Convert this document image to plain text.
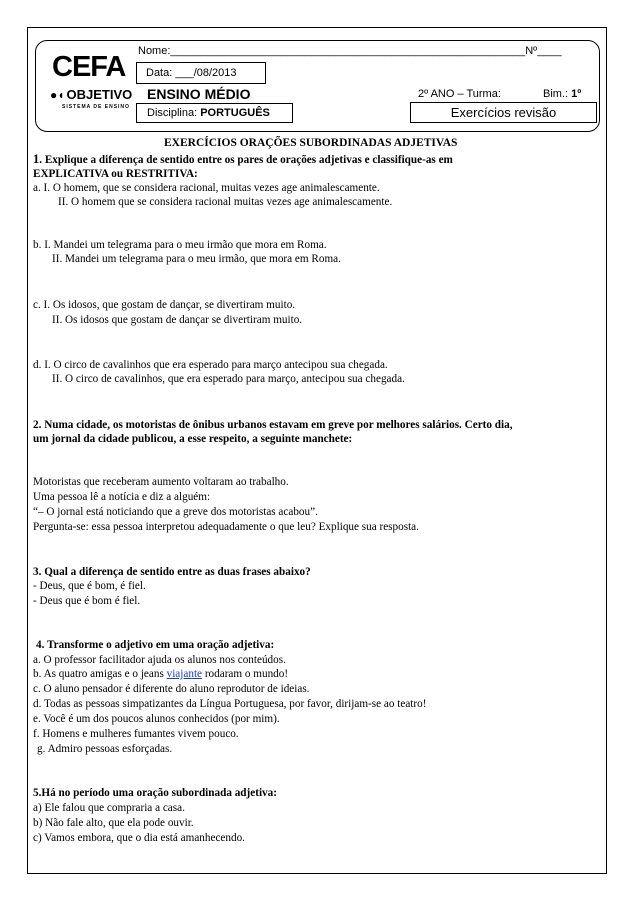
CEFA
●◖ OBJETIVO
SISTEMA DE ENSINO
Nome:__________________________________________________________Nº____
Data: ___/08/2013
ENSINO MÉDIO
Disciplina: PORTUGUÊS
2º ANO – Turma:	Bim.: 1º
Exercícios revisão
EXERCÍCIOS ORAÇÕES SUBORDINADAS ADJETIVAS
1. Explique a diferença de sentido entre os pares de orações adjetivas e classifique-as em
EXPLICATIVA ou RESTRITIVA:
a. I. O homem, que se considera racional, muitas vezes age animalescamente.
II. O homem que se considera racional muitas vezes age animalescamente.
b. I. Mandei um telegrama para o meu irmão que mora em Roma.
II. Mandei um telegrama para o meu irmão, que mora em Roma.
c. I. Os idosos, que gostam de dançar, se divertiram muito.
II. Os idosos que gostam de dançar se divertiram muito.
d. I. O circo de cavalinhos que era esperado para março antecipou sua chegada.
II. O circo de cavalinhos, que era esperado para março, antecipou sua chegada.
2. Numa cidade, os motoristas de ônibus urbanos estavam em greve por melhores salários. Certo dia,
um jornal da cidade publicou, a esse respeito, a seguinte manchete:
Motoristas que receberam aumento voltaram ao trabalho.
Uma pessoa lê a notícia e diz a alguém:
“– O jornal está noticiando que a greve dos motoristas acabou”.
Pergunta-se: essa pessoa interpretou adequadamente o que leu? Explique sua resposta.
3. Qual a diferença de sentido entre as duas frases abaixo?
- Deus, que é bom, é fiel.
- Deus que é bom é fiel.
4. Transforme o adjetivo em uma oração adjetiva:
a. O professor facilitador ajuda os alunos nos conteúdos.
b. As quatro amigas e o jeans viajante rodaram o mundo!
c. O aluno pensador é diferente do aluno reprodutor de ideias.
d. Todas as pessoas simpatizantes da Língua Portuguesa, por favor, dirijam-se ao teatro!
e. Você é um dos poucos alunos conhecidos (por mim).
f. Homens e mulheres fumantes vivem pouco.
g. Admiro pessoas esforçadas.
5.Há no período uma oração subordinada adjetiva:
a) Ele falou que compraria a casa.
b) Não fale alto, que ela pode ouvir.
c) Vamos embora, que o dia está amanhecendo.
